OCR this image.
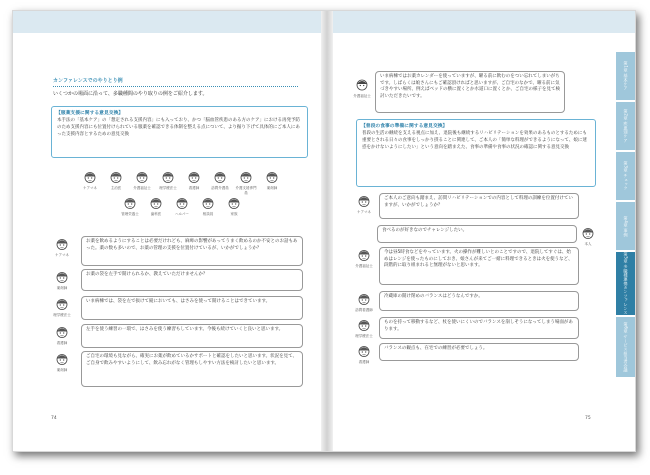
カンファレンスでのやりとり例
いくつかの場面に沿って、多職種間のやり取りの例をご紹介します。
【服薬支援に関する意見交換】
本手法の「基本ケア」の「想定される支援内容」にも入っており、かつ「脳血管疾患のある方のケア」における再発予防のため支援内容にも位置付けられている服薬を確認できる体制を整える点について、より掘り下げて具体的にご本人にあった支援内容とするための意見交換
ケアマネ	主治医	介護福祉士	理学療法士	看護師	訪問介護員	介護支援専門員
薬剤師
管理栄養士	歯科医	ヘルパー	相談員	家族
ケアマネ
お薬を飲めるようにすることは必要だけれども、麻痺の影響があってうまく飲めるのか不安とのお話もあった。薬の数も多いので、お薬の管理の支援を位置付けているが、いかがでしょうか？
薬剤師
お薬の袋を左手で開けられるか、教えていただけませんか？
理学療法士
いま病棟では、袋を左で抜けて縦においても、はさみを使って開けることはできています。
看護師
左手を使う練習の一環で、はさみを使う練習もしています。今後も続けていくと良いと思います。
薬剤師
ご自宅の環境も見ながら、確実にお薬が飲めているかサポートと確認をしたいと思います。状況を見て、ご自身で飲みやすいようにして、飲み忘れがなく管理もしやすい方法を検討したいと思います。
74
介護福祉士
いま病棟ではお薬カレンダーを使っていますが、曜る前に飲むのをつい忘れてしまいがちです。しばらくは娘さんにもご確認頂ければと思いますが、ご自宅のなかで、曜る前に気づきやすい場所、例えばベッドの横に置くとか水道口に置くとか、ご自宅の様子を見て検討いただきたいです。
【普段の食事の準備に関する意見交換】
普段の生活の継続を支える視点に加え、退院後も継続するリハビリテーションを効果のあるものとするためにも重要とされる日々の食事をしっかり摂ることに関連して、ご本人の「簡単な料理ができるようになって、娘に迷惑をかけないようにしたい」という意向を踏まえた、食事の準備や食事の状況の確認に関する意見交換
ケアマネ
ご本人のご意向も踏まえ、訪問リハビリテーションでの内容として料理の訓練を位置付けていますが、いかがでしょうか？
本人
食べるのが好きなのでチャレンジしたい。
介護福祉士
今は昼5時食などをやっています。火の操作が難しいとのことですので、退院してすぐは、始めはレンジを使ったものにしておき、娘さんが来てご一緒に料理できるときは火を使うなど、段階的に取り組まれると無理がないと思います。
訪問看護師
冷蔵庫の開け閉めのバランスはどうなんですか。
理学療法士
ものを持って移動するなど、杖を使いにくいのでバランスを崩しそうになってしまう場面があります。
看護師
バランスの観点も、在宅での練習が必要でしょう。
75
第1章 基本ケア
第2章 疾患別ケア
第3章 チェック
第4章 事例
第5章 多職種連携カンファレンス
第6章 サービス担当者会議
